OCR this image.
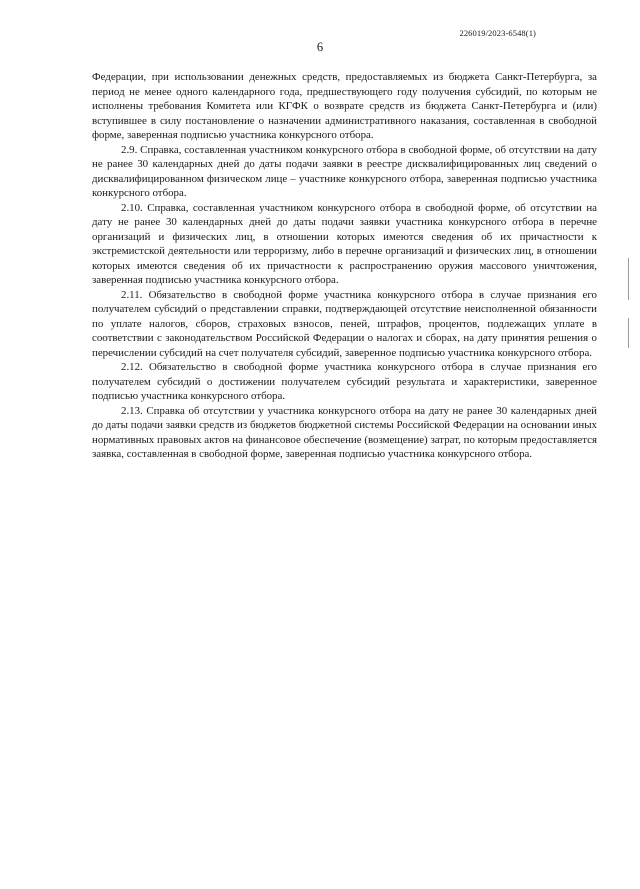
226019/2023-6548(1)
6

Федерации, при использовании денежных средств, предоставляемых из бюджета Санкт-Петербурга, за период не менее одного календарного года, предшествующего году получения субсидий, по которым не исполнены требования Комитета или КГФК о возврате средств из бюджета Санкт-Петербурга и (или) вступившее в силу постановление о назначении административного наказания, составленная в свободной форме, заверенная подписью участника конкурсного отбора.

2.9. Справка, составленная участником конкурсного отбора в свободной форме, об отсутствии на дату не ранее 30 календарных дней до даты подачи заявки в реестре дисквалифицированных лиц сведений о дисквалифицированном физическом лице – участнике конкурсного отбора, заверенная подписью участника конкурсного отбора.

2.10. Справка, составленная участником конкурсного отбора в свободной форме, об отсутствии на дату не ранее 30 календарных дней до даты подачи заявки участника конкурсного отбора в перечне организаций и физических лиц, в отношении которых имеются сведения об их причастности к экстремистской деятельности или терроризму, либо в перечне организаций и физических лиц, в отношении которых имеются сведения об их причастности к распространению оружия массового уничтожения, заверенная подписью участника конкурсного отбора.

2.11. Обязательство в свободной форме участника конкурсного отбора в случае признания его получателем субсидий о представлении справки, подтверждающей отсутствие неисполненной обязанности по уплате налогов, сборов, страховых взносов, пеней, штрафов, процентов, подлежащих уплате в соответствии с законодательством Российской Федерации о налогах и сборах, на дату принятия решения о перечислении субсидий на счет получателя субсидий, заверенное подписью участника конкурсного отбора.

2.12. Обязательство в свободной форме участника конкурсного отбора в случае признания его получателем субсидий о достижении получателем субсидий результата и характеристики, заверенное подписью участника конкурсного отбора.

2.13. Справка об отсутствии у участника конкурсного отбора на дату не ранее 30 календарных дней до даты подачи заявки средств из бюджетов бюджетной системы Российской Федерации на основании иных нормативных правовых актов на финансовое обеспечение (возмещение) затрат, по которым предоставляется заявка, составленная в свободной форме, заверенная подписью участника конкурсного отбора.
